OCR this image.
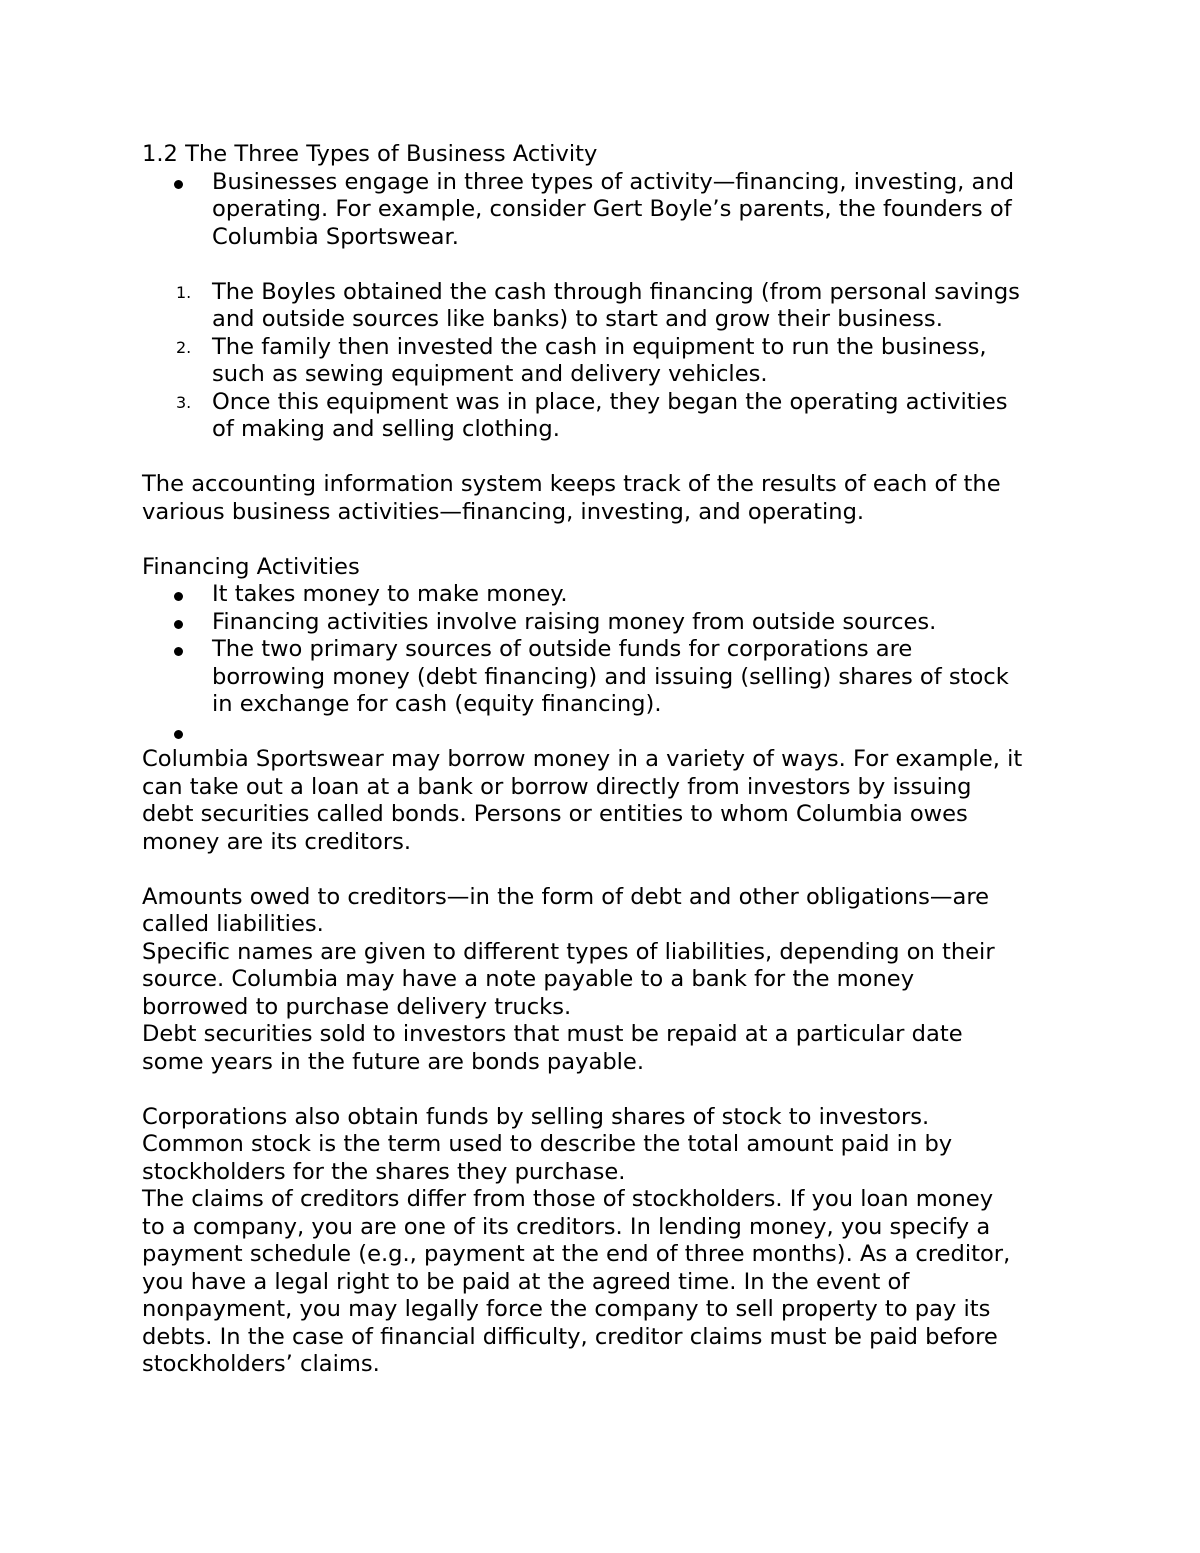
1.2 The Three Types of Business Activity

Businesses engage in three types of activity—financing, investing, and

operating. For example, consider Gert Boyle’s parents, the founders of

Columbia Sportswear.

1. The Boyles obtained the cash through financing (from personal savings

and outside sources like banks) to start and grow their business.

2. The family then invested the cash in equipment to run the business,

such as sewing equipment and delivery vehicles.

3. Once this equipment was in place, they began the operating activities

of making and selling clothing.

The accounting information system keeps track of the results of each of the

various business activities—financing, investing, and operating.

Financing Activities

It takes money to make money.

Financing activities involve raising money from outside sources.

The two primary sources of outside funds for corporations are

borrowing money (debt financing) and issuing (selling) shares of stock

in exchange for cash (equity financing).

Columbia Sportswear may borrow money in a variety of ways. For example, it

can take out a loan at a bank or borrow directly from investors by issuing

debt securities called bonds. Persons or entities to whom Columbia owes

money are its creditors.

Amounts owed to creditors—in the form of debt and other obligations—are

called liabilities.

Specific names are given to different types of liabilities, depending on their

source. Columbia may have a note payable to a bank for the money

borrowed to purchase delivery trucks.

Debt securities sold to investors that must be repaid at a particular date

some years in the future are bonds payable.

Corporations also obtain funds by selling shares of stock to investors.

Common stock is the term used to describe the total amount paid in by

stockholders for the shares they purchase.

The claims of creditors differ from those of stockholders. If you loan money

to a company, you are one of its creditors. In lending money, you specify a

payment schedule (e.g., payment at the end of three months). As a creditor,

you have a legal right to be paid at the agreed time. In the event of

nonpayment, you may legally force the company to sell property to pay its

debts. In the case of financial difficulty, creditor claims must be paid before

stockholders’ claims.
